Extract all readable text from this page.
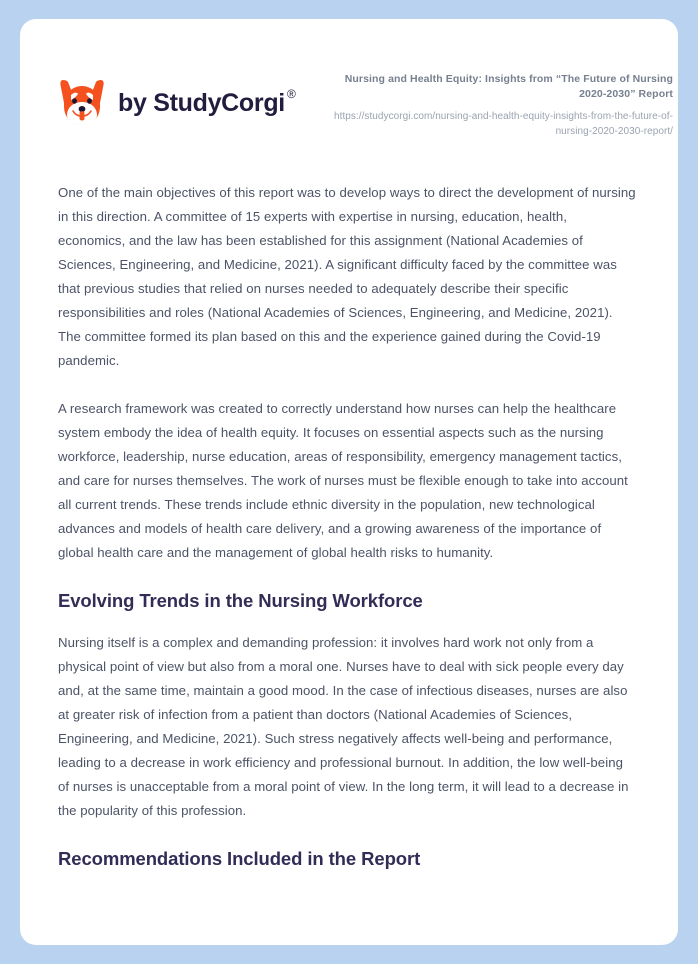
by StudyCorgi ®

Nursing and Health Equity: Insights from “The Future of Nursing 2020-2030” Report

https://studycorgi.com/nursing-and-health-equity-insights-from-the-future-of-nursing-2020-2030-report/

One of the main objectives of this report was to develop ways to direct the development of nursing in this direction. A committee of 15 experts with expertise in nursing, education, health, economics, and the law has been established for this assignment (National Academies of Sciences, Engineering, and Medicine, 2021). A significant difficulty faced by the committee was that previous studies that relied on nurses needed to adequately describe their specific responsibilities and roles (National Academies of Sciences, Engineering, and Medicine, 2021). The committee formed its plan based on this and the experience gained during the Covid-19 pandemic.

A research framework was created to correctly understand how nurses can help the healthcare system embody the idea of health equity. It focuses on essential aspects such as the nursing workforce, leadership, nurse education, areas of responsibility, emergency management tactics, and care for nurses themselves. The work of nurses must be flexible enough to take into account all current trends. These trends include ethnic diversity in the population, new technological advances and models of health care delivery, and a growing awareness of the importance of global health care and the management of global health risks to humanity.

Evolving Trends in the Nursing Workforce

Nursing itself is a complex and demanding profession: it involves hard work not only from a physical point of view but also from a moral one. Nurses have to deal with sick people every day and, at the same time, maintain a good mood. In the case of infectious diseases, nurses are also at greater risk of infection from a patient than doctors (National Academies of Sciences, Engineering, and Medicine, 2021). Such stress negatively affects well-being and performance, leading to a decrease in work efficiency and professional burnout. In addition, the low well-being of nurses is unacceptable from a moral point of view. In the long term, it will lead to a decrease in the popularity of this profession.

Recommendations Included in the Report
